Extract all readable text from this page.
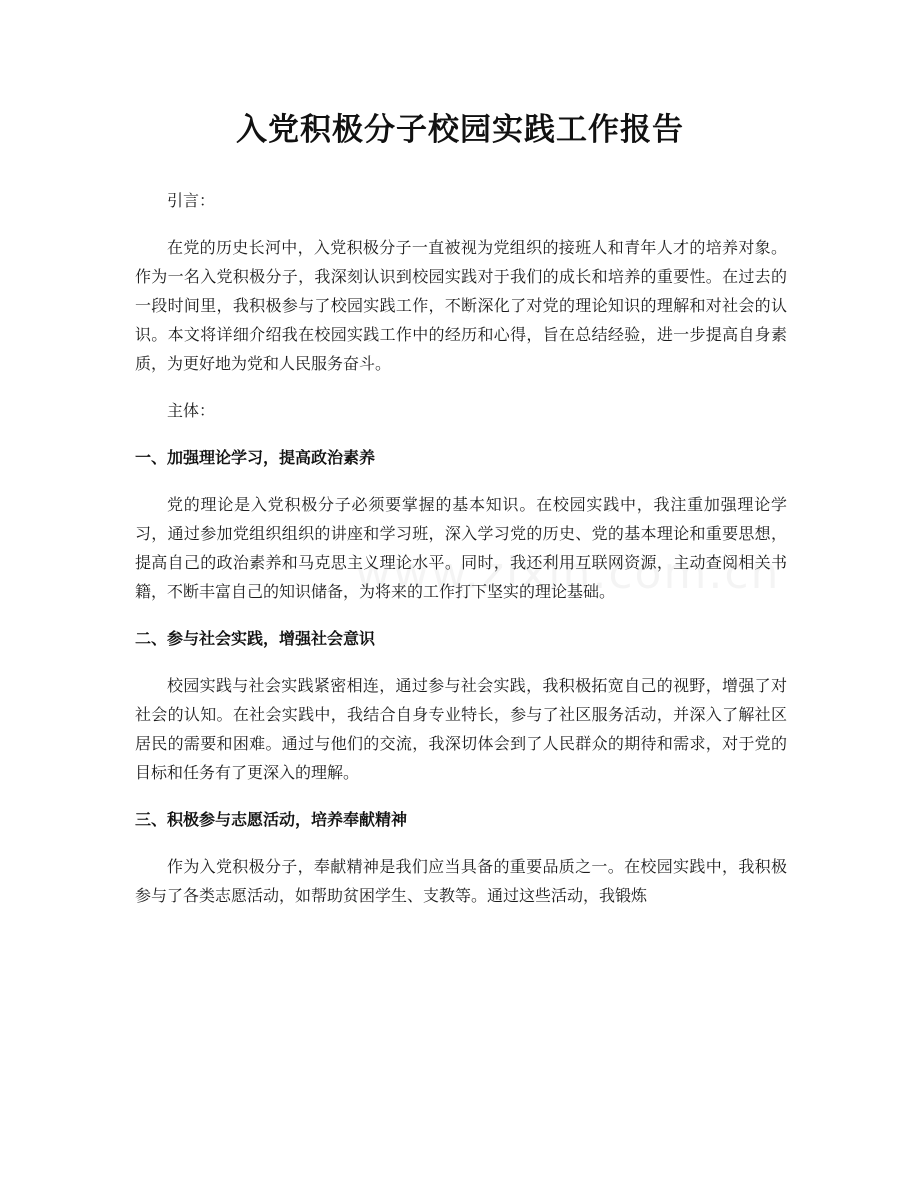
入党积极分子校园实践工作报告

引言：

在党的历史长河中，入党积极分子一直被视为党组织的接班人和青年人才的培养对象。作为一名入党积极分子，我深刻认识到校园实践对于我们的成长和培养的重要性。在过去的一段时间里，我积极参与了校园实践工作，不断深化了对党的理论知识的理解和对社会的认识。本文将详细介绍我在校园实践工作中的经历和心得，旨在总结经验，进一步提高自身素质，为更好地为党和人民服务奋斗。

主体：

一、加强理论学习，提高政治素养

党的理论是入党积极分子必须要掌握的基本知识。在校园实践中，我注重加强理论学习，通过参加党组织组织的讲座和学习班，深入学习党的历史、党的基本理论和重要思想，提高自己的政治素养和马克思主义理论水平。同时，我还利用互联网资源，主动查阅相关书籍，不断丰富自己的知识储备，为将来的工作打下坚实的理论基础。

二、参与社会实践，增强社会意识

校园实践与社会实践紧密相连，通过参与社会实践，我积极拓宽自己的视野，增强了对社会的认知。在社会实践中，我结合自身专业特长，参与了社区服务活动，并深入了解社区居民的需要和困难。通过与他们的交流，我深切体会到了人民群众的期待和需求，对于党的目标和任务有了更深入的理解。

三、积极参与志愿活动，培养奉献精神

作为入党积极分子，奉献精神是我们应当具备的重要品质之一。在校园实践中，我积极参与了各类志愿活动，如帮助贫困学生、支教等。通过这些活动，我锻炼
